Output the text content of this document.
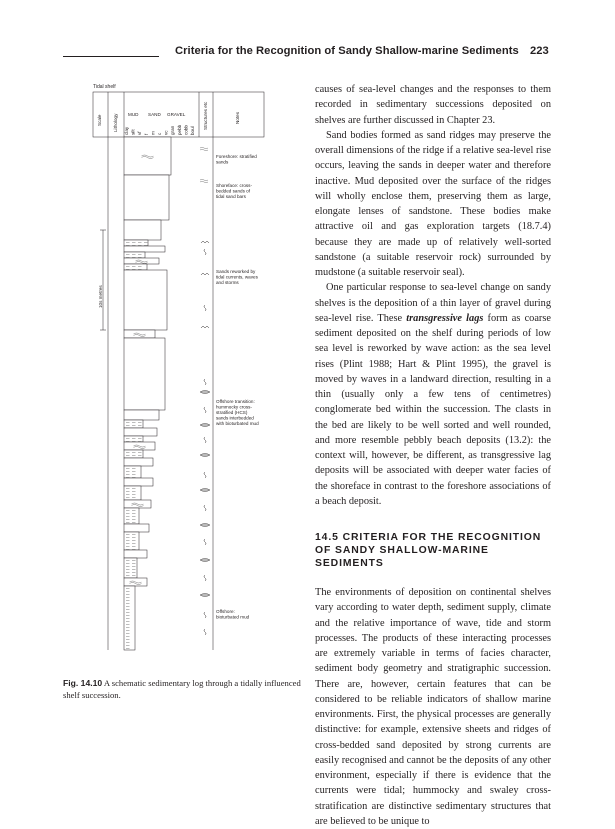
Criteria for the Recognition of Sandy Shallow-marine Sediments 223
Tidal shelf
Scale Lithology MUD SAND GRAVEL
clay silt vf f m c vc gran pebb cobb boul
Structures etc	Notes
10s metres
Foreshore: stratified sands
Shoreface: cross-bedded sands of tidal sand bars
Sands reworked by tidal currents, waves and storms
Offshore transition: hummocky cross-stratified (HCS) sands interbedded with bioturbated mud
Offshore: bioturbated mud
Fig. 14.10 A schematic sedimentary log through a tidally influenced shelf succession.

causes of sea-level changes and the responses to them recorded in sedimentary successions deposited on shelves are further discussed in Chapter 23.

Sand bodies formed as sand ridges may preserve the overall dimensions of the ridge if a relative sea-level rise occurs, leaving the sands in deeper water and therefore inactive. Mud deposited over the surface of the ridges will wholly enclose them, preserving them as large, elongate lenses of sandstone. These bodies make attractive oil and gas exploration targets (18.7.4) because they are made up of relatively well-sorted sandstone (a suitable reservoir rock) surrounded by mudstone (a suitable reservoir seal).

One particular response to sea-level change on sandy shelves is the deposition of a thin layer of gravel during sea-level rise. These transgressive lags form as coarse sediment deposited on the shelf during periods of low sea level is reworked by wave action: as the sea level rises (Plint 1988; Hart & Plint 1995), the gravel is moved by waves in a landward direction, resulting in a thin (usually only a few tens of centimetres) conglomerate bed within the succession. The clasts in the bed are likely to be well sorted and well rounded, and more resemble pebbly beach deposits (13.2): the context will, however, be different, as transgressive lag deposits will be associated with deeper water facies of the shoreface in contrast to the foreshore associations of a beach deposit.

14.5 CRITERIA FOR THE RECOGNITION OF SANDY SHALLOW-MARINE SEDIMENTS

The environments of deposition on continental shelves vary according to water depth, sediment supply, climate and the relative importance of wave, tide and storm processes. The products of these interacting processes are extremely variable in terms of facies character, sediment body geometry and stratigraphic succession. There are, however, certain features that can be considered to be reliable indicators of shallow marine environments. First, the physical processes are generally distinctive: for example, extensive sheets and ridges of cross-bedded sand deposited by strong currents are easily recognised and cannot be the deposits of any other environment, especially if there is evidence that the currents were tidal; hummocky and swaley cross-stratification are distinctive sedimentary structures that are believed to be unique to
